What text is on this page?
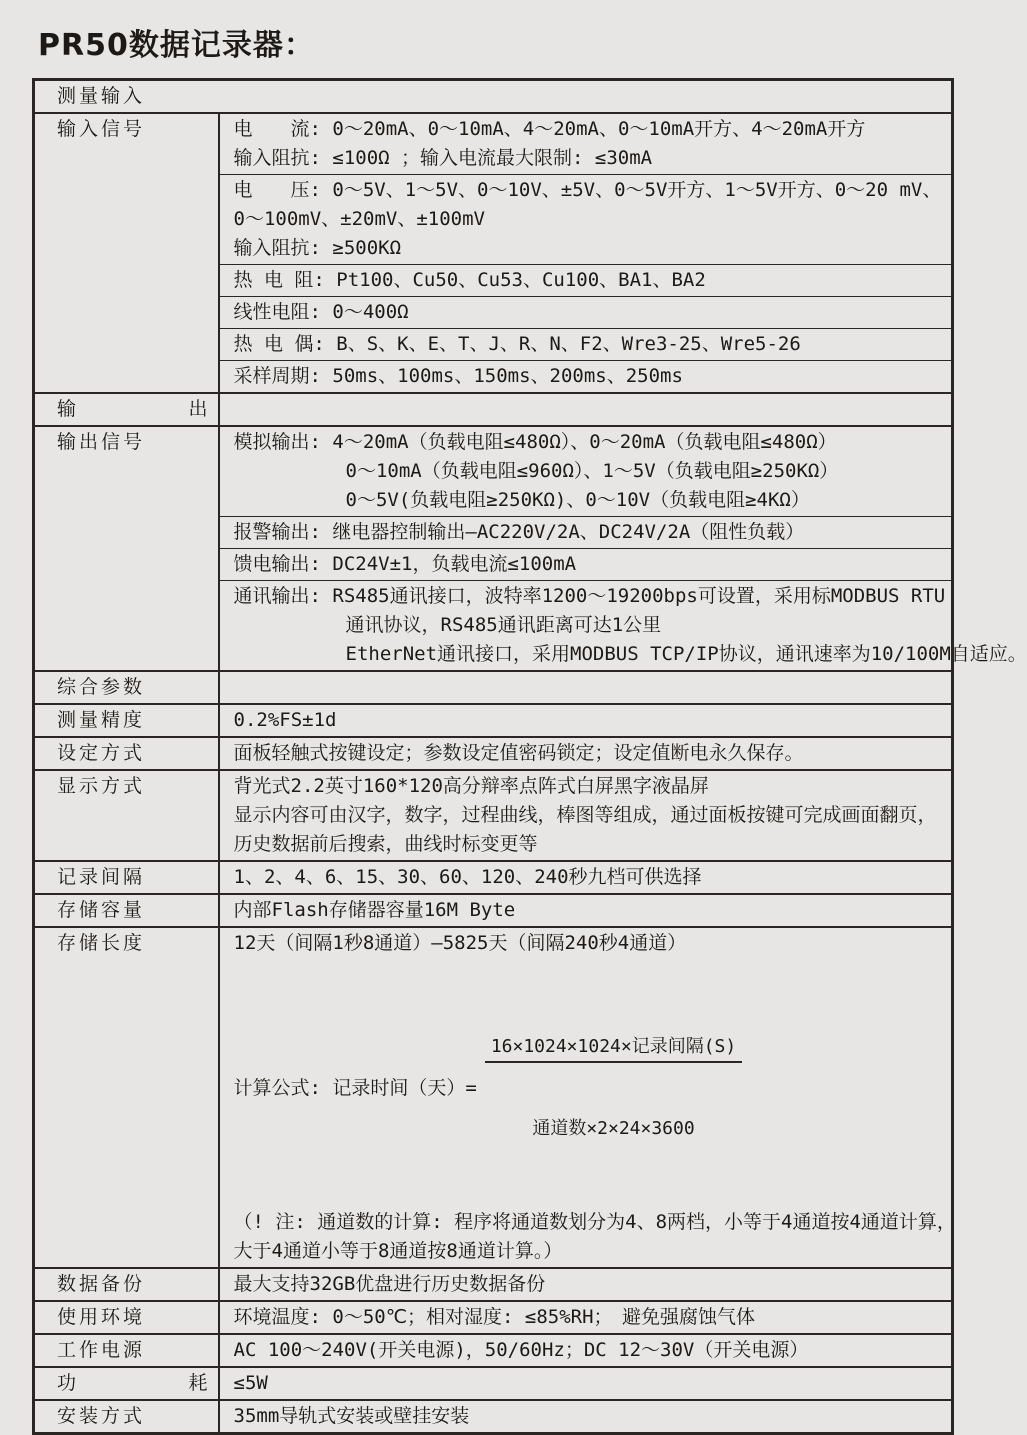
PR50数据记录器：
测量输入	
输入信号	电　　流: 0～20mA、0～10mA、4～20mA、0～10mA开方、4～20mA开方
输入阻抗: ≤100Ω ；输入电流最大限制: ≤30mA

	电　　压: 0～5V、1～5V、0～10V、±5V、0～5V开方、1～5V开方、0～20 mV、
0～100mV、±20mV、±100mV
输入阻抗: ≥500KΩ

	热 电 阻: Pt100、Cu50、Cu53、Cu100、BA1、BA2

	线性电阻: 0～400Ω

	热 电 偶: B、S、K、E、T、J、R、N、F2、Wre3-25、Wre5-26

	采样周期: 50ms、100ms、150ms、200ms、250ms

输 出	
输出信号	模拟输出: 4～20mA（负载电阻≤480Ω）、0～20mA（负载电阻≤480Ω）
0～10mA（负载电阻≤960Ω）、1～5V（负载电阻≥250KΩ）
0～5V(负载电阻≥250KΩ)、0～10V（负载电阻≥4KΩ）

	报警输出: 继电器控制输出—AC220V/2A、DC24V/2A（阻性负载）

	馈电输出: DC24V±1，负载电流≤100mA

	通讯输出: RS485通讯接口，波特率1200～19200bps可设置，采用标MODBUS RTU
通讯协议，RS485通讯距离可达1公里
EtherNet通讯接口，采用MODBUS TCP/IP协议，通讯速率为10/100M自适应。

综合参数	
测量精度	0.2%FS±1d

设定方式	面板轻触式按键设定；参数设定值密码锁定；设定值断电永久保存。

显示方式	背光式2.2英寸160*120高分辩率点阵式白屏黑字液晶屏
显示内容可由汉字，数字，过程曲线，棒图等组成，通过面板按键可完成画面翻页，
历史数据前后搜索，曲线时标变更等

记录间隔	1、2、4、6、15、30、60、120、240秒九档可供选择

存储容量	内部Flash存储器容量16M Byte

存储长度	12天（间隔1秒8通道）—5825天（间隔240秒4通道）
计算公式: 记录时间（天）=

$\frac{\text{16×1024×1024×记录间隔(S)}}{\text{通道数×2×24×3600}}$

（! 注: 通道数的计算: 程序将通道数划分为4、8两档，小等于4通道按4通道计算，
大于4通道小等于8通道按8通道计算。）

数据备份	最大支持32GB优盘进行历史数据备份

使用环境	环境温度: 0～50℃；相对湿度: ≤85%RH；　避免强腐蚀气体

工作电源	AC 100～240V(开关电源)，50/60Hz；DC 12～30V（开关电源）

功 耗	≤5W

安装方式	35mm导轨式安装或壁挂安装
